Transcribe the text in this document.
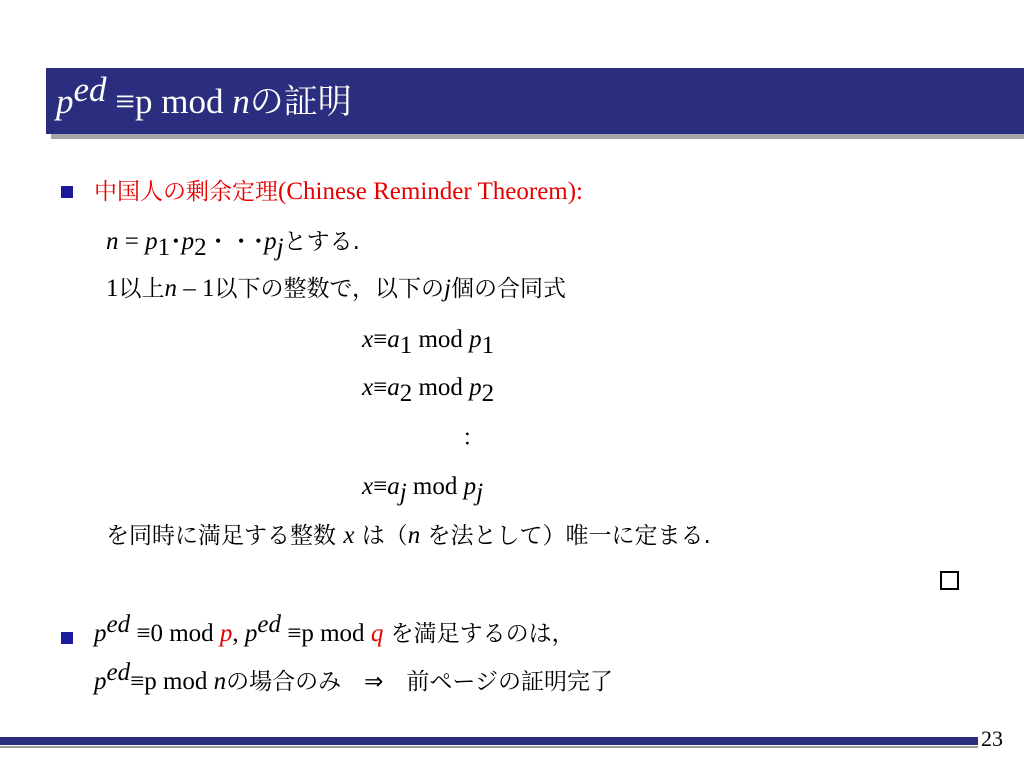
$p^{ed} \equiv p$ mod nの証明
中国人の剰余定理(Chinese Reminder Theorem):
$n = p_1$･$p_2$・・･$p_j$とする.
1以上n – 1以下の整数で，以下のj個の合同式
$x\equiv a_1$ mod $p_1$
$x\equiv a_2$ mod $p_2$
：
$x\equiv a_j$ mod $p_j$
を同時に満足する整数 x は（n を法として）唯一に定まる.
$p^{ed} \equiv 0$ mod p, $p^{ed} \equiv p$ mod q を満足するのは，
$p^{ed}\equiv p$ mod nの場合のみ　⇒　前ページの証明完了
23
